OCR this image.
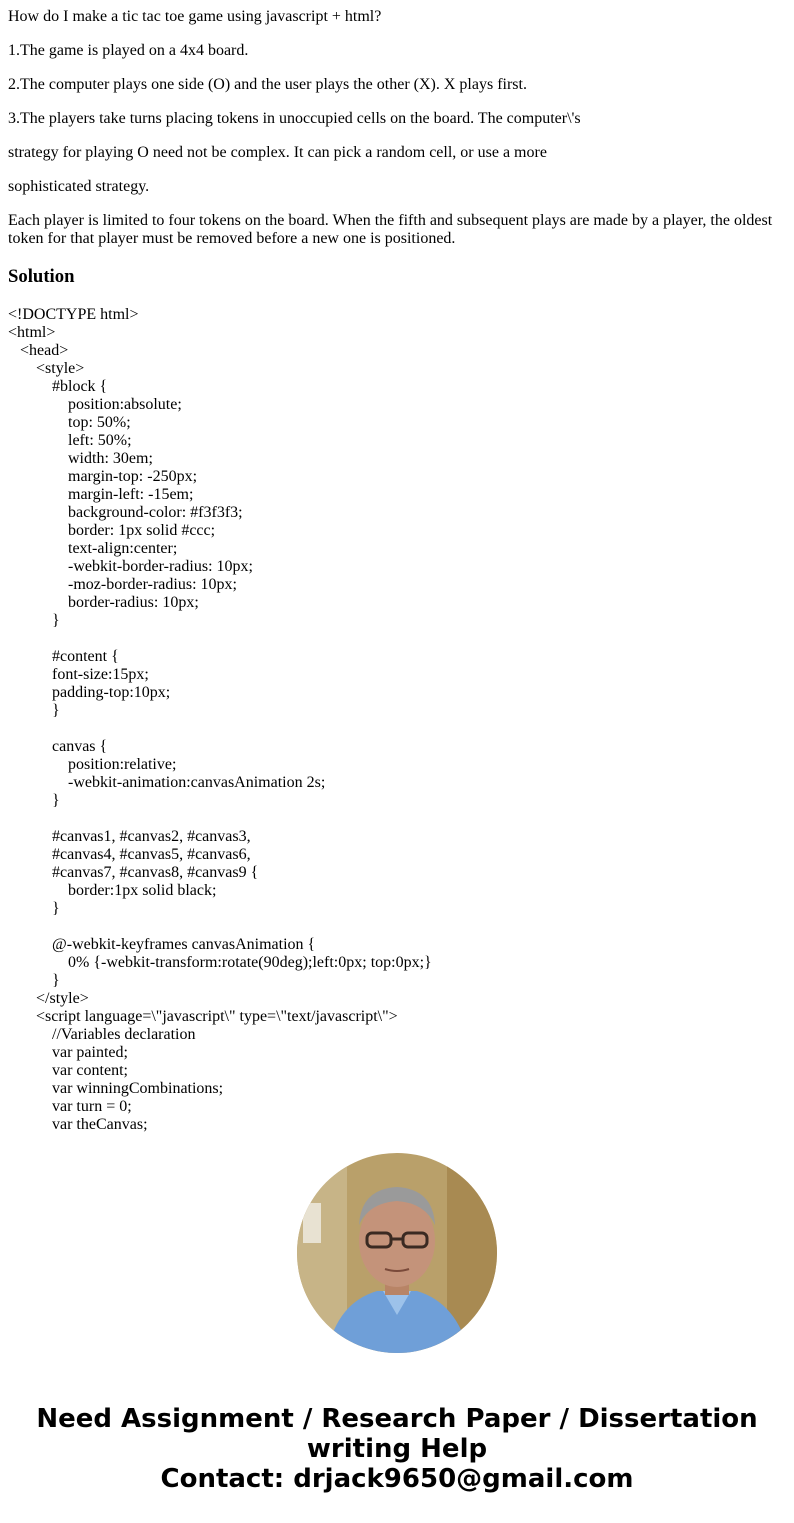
How do I make a tic tac toe game using javascript + html?

1.The game is played on a 4x4 board.

2.The computer plays one side (O) and the user plays the other (X). X plays first.

3.The players take turns placing tokens in unoccupied cells on the board. The computer\'s

strategy for playing O need not be complex. It can pick a random cell, or use a more

sophisticated strategy.

Each player is limited to four tokens on the board. When the fifth and subsequent plays are made by a player, the oldest token for that player must be removed before a new one is positioned.

Solution
<!DOCTYPE html>
<html>
<head>
<style>
#block {
position:absolute;
top: 50%;
left: 50%;
width: 30em;
margin-top: -250px;
margin-left: -15em;
background-color: #f3f3f3;
border: 1px solid #ccc;
text-align:center;
-webkit-border-radius: 10px;
-moz-border-radius: 10px;
border-radius: 10px;
}
#content {
font-size:15px;
padding-top:10px;
}
canvas {
position:relative;
-webkit-animation:canvasAnimation 2s;
}
#canvas1, #canvas2, #canvas3,
#canvas4, #canvas5, #canvas6,
#canvas7, #canvas8, #canvas9 {
border:1px solid black;
}
@-webkit-keyframes canvasAnimation {
0% {-webkit-transform:rotate(90deg);left:0px; top:0px;}
}
</style>
<script language=\"javascript\" type=\"text/javascript\">
//Variables declaration
var painted;
var content;
var winningCombinations;
var turn = 0;
var theCanvas;
Need Assignment / Research Paper / Dissertation
writing Help
Contact: drjack9650@gmail.com
